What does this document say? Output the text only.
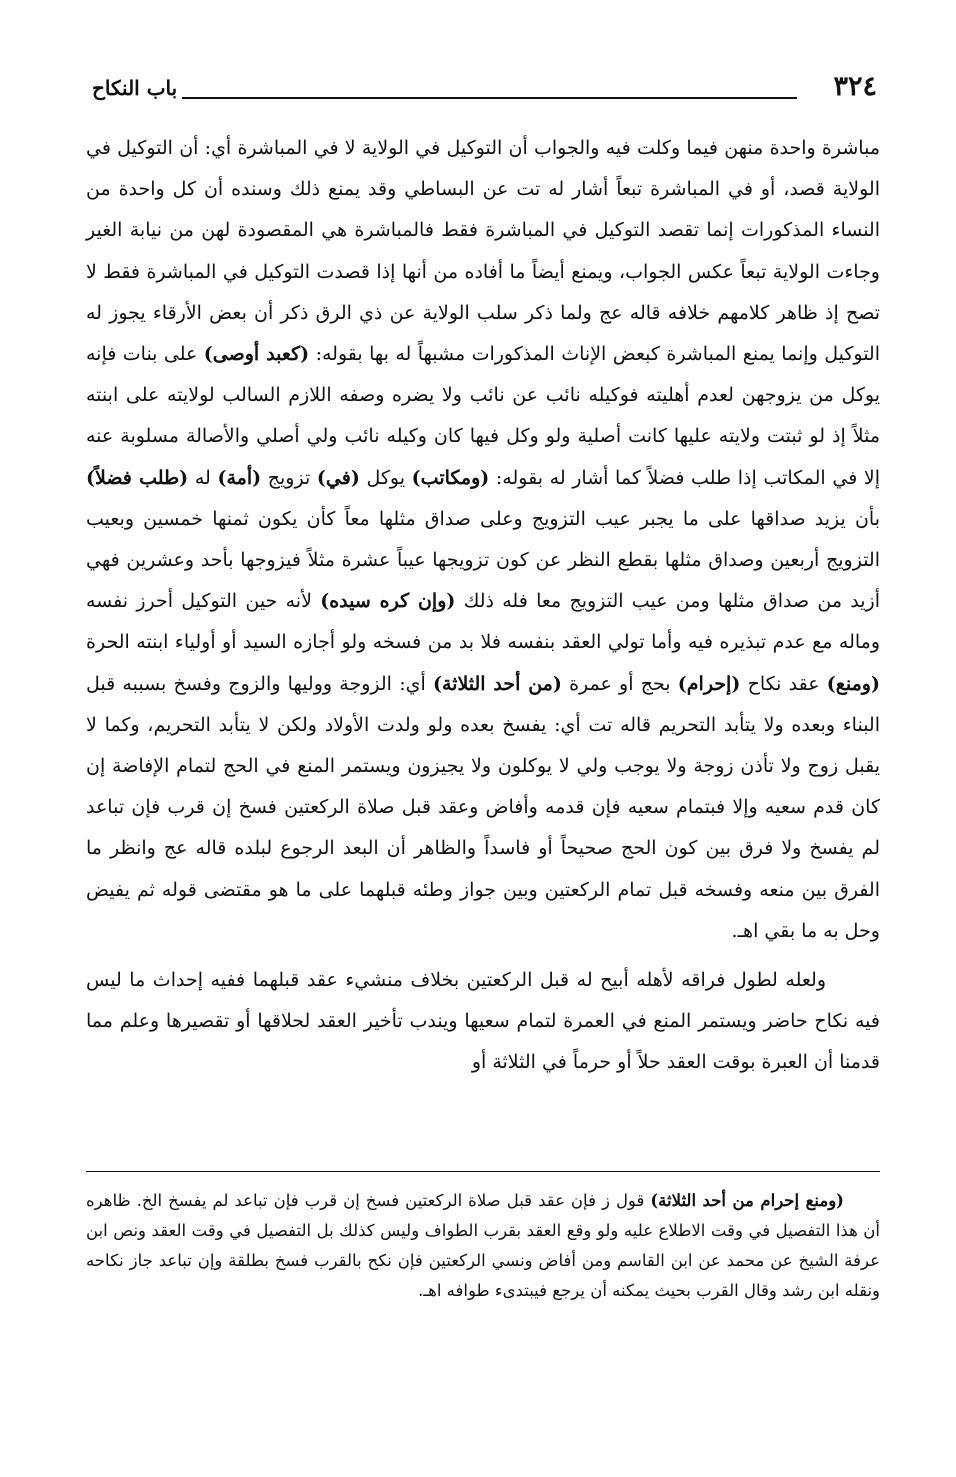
٣٢٤
باب النكاح

مباشرة واحدة منهن فيما وكلت فيه والجواب أن التوكيل في الولاية لا في المباشرة أي: أن التوكيل في الولاية قصد، أو في المباشرة تبعاً أشار له تت عن البساطي وقد يمنع ذلك وسنده أن كل واحدة من النساء المذكورات إنما تقصد التوكيل في المباشرة فقط فالمباشرة هي المقصودة لهن من نيابة الغير وجاءت الولاية تبعاً عكس الجواب، ويمنع أيضاً ما أفاده من أنها إذا قصدت التوكيل في المباشرة فقط لا تصح إذ ظاهر كلامهم خلافه قاله عج ولما ذكر سلب الولاية عن ذي الرق ذكر أن بعض الأرقاء يجوز له التوكيل وإنما يمنع المباشرة كبعض الإناث المذكورات مشبهاً له بها بقوله: (كعبد أوصى) على بنات فإنه يوكل من يزوجهن لعدم أهليته فوكيله نائب عن نائب ولا يضره وصفه اللازم السالب لولايته على ابنته مثلاً إذ لو ثبتت ولايته عليها كانت أصلية ولو وكل فيها كان وكيله نائب ولي أصلي والأصالة مسلوبة عنه إلا في المكاتب إذا طلب فضلاً كما أشار له بقوله: (ومكاتب) يوكل (في) تزويج (أمة) له (طلب فضلاً) بأن يزيد صداقها على ما يجبر عيب التزويج وعلى صداق مثلها معاً كأن يكون ثمنها خمسين وبعيب التزويج أربعين وصداق مثلها بقطع النظر عن كون تزويجها عيباً عشرة مثلاً فيزوجها بأحد وعشرين فهي أزيد من صداق مثلها ومن عيب التزويج معا فله ذلك (وإن كره سيده) لأنه حين التوكيل أحرز نفسه وماله مع عدم تبذيره فيه وأما تولي العقد بنفسه فلا بد من فسخه ولو أجازه السيد أو أولياء ابنته الحرة (ومنع) عقد نكاح (إحرام) بحج أو عمرة (من أحد الثلاثة) أي: الزوجة ووليها والزوج وفسخ بسببه قبل البناء وبعده ولا يتأبد التحريم قاله تت أي: يفسخ بعده ولو ولدت الأولاد ولكن لا يتأبد التحريم، وكما لا يقبل زوج ولا تأذن زوجة ولا يوجب ولي لا يوكلون ولا يجيزون ويستمر المنع في الحج لتمام الإفاضة إن كان قدم سعيه وإلا فبتمام سعيه فإن قدمه وأفاض وعقد قبل صلاة الركعتين فسخ إن قرب فإن تباعد لم يفسخ ولا فرق بين كون الحج صحيحاً أو فاسداً والظاهر أن البعد الرجوع لبلده قاله عج وانظر ما الفرق بين منعه وفسخه قبل تمام الركعتين وبين جواز وطئه قبلهما على ما هو مقتضى قوله ثم يفيض وحل به ما بقي اهـ.

ولعله لطول فراقه لأهله أبيح له قبل الركعتين بخلاف منشيء عقد قبلهما ففيه إحداث ما ليس فيه نكاح حاضر ويستمر المنع في العمرة لتمام سعيها ويندب تأخير العقد لحلاقها أو تقصيرها وعلم مما قدمنا أن العبرة بوقت العقد حلاً أو حرماً في الثلاثة أو

(ومنع إحرام من أحد الثلاثة) قول ز فإن عقد قبل صلاة الركعتين فسخ إن قرب فإن تباعد لم يفسخ الخ. ظاهره أن هذا التفصيل في وقت الاطلاع عليه ولو وقع العقد بقرب الطواف وليس كذلك بل التفصيل في وقت العقد ونص ابن عرفة الشيخ عن محمد عن ابن القاسم ومن أفاض ونسي الركعتين فإن نكح بالقرب فسخ بطلقة وإن تباعد جاز نكاحه ونقله ابن رشد وقال القرب بحيث يمكنه أن يرجع فيبتدىء طوافه اهـ.
